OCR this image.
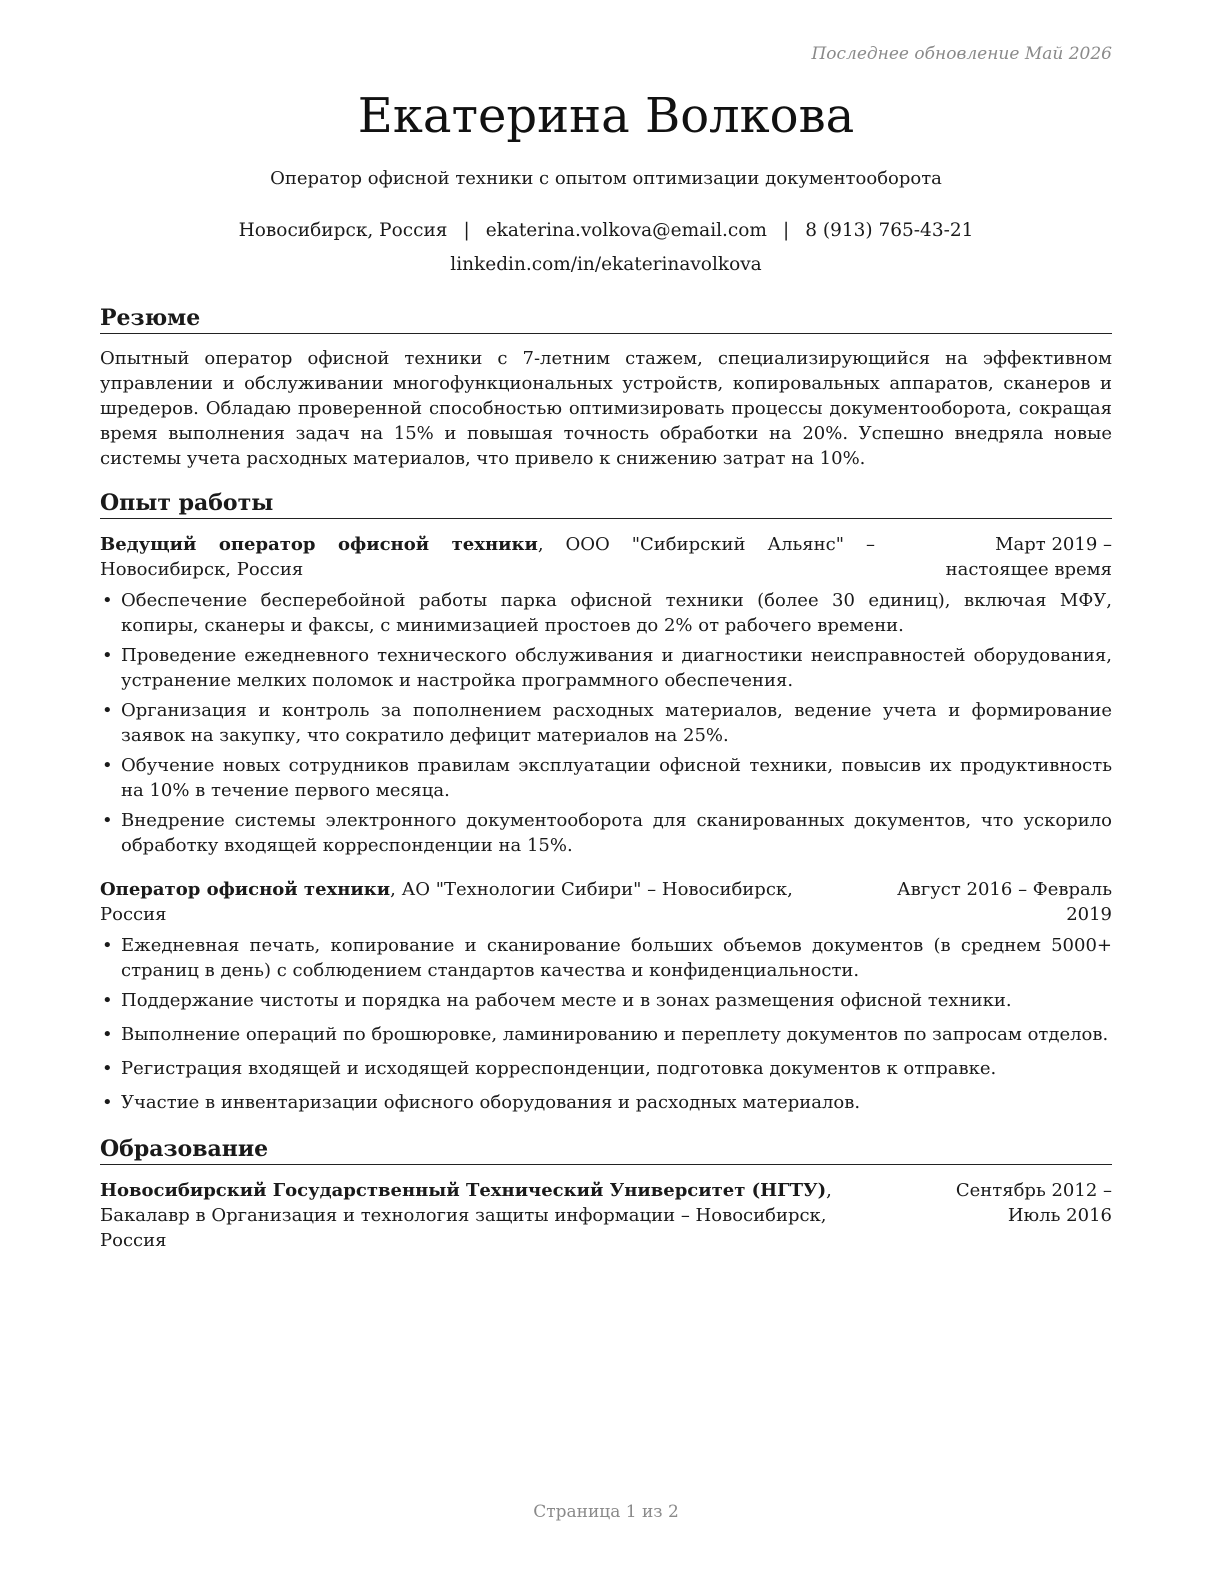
Последнее обновление Май 2026
Екатерина Волкова
Оператор офисной техники с опытом оптимизации документооборота
Новосибирск, Россия | ekaterina.volkova@email.com | 8 (913) 765-43-21
linkedin.com/in/ekaterinavolkova
Резюме
Опытный оператор офисной техники с 7-летним стажем, специализирующийся на эффективном управлении и обслуживании многофункциональных устройств, копировальных аппаратов, сканеров и шредеров. Обладаю проверенной способностью оптимизировать процессы документооборота, сокращая время выполнения задач на 15% и повышая точность обработки на 20%. Успешно внедряла новые системы учета расходных материалов, что привело к снижению затрат на 10%.
Опыт работы
Ведущий оператор офисной техники, ООО "Сибирский Альянс" – Новосибирск, Россия
Март 2019 – настоящее время
• Обеспечение бесперебойной работы парка офисной техники (более 30 единиц), включая МФУ, копиры, сканеры и факсы, с минимизацией простоев до 2% от рабочего времени.
• Проведение ежедневного технического обслуживания и диагностики неисправностей оборудования, устранение мелких поломок и настройка программного обеспечения.
• Организация и контроль за пополнением расходных материалов, ведение учета и формирование заявок на закупку, что сократило дефицит материалов на 25%.
• Обучение новых сотрудников правилам эксплуатации офисной техники, повысив их продуктивность на 10% в течение первого месяца.
• Внедрение системы электронного документооборота для сканированных документов, что ускорило обработку входящей корреспонденции на 15%.
Оператор офисной техники, АО "Технологии Сибири" – Новосибирск, Россия
Август 2016 – Февраль 2019
• Ежедневная печать, копирование и сканирование больших объемов документов (в среднем 5000+ страниц в день) с соблюдением стандартов качества и конфиденциальности.
• Поддержание чистоты и порядка на рабочем месте и в зонах размещения офисной техники.
• Выполнение операций по брошюровке, ламинированию и переплету документов по запросам отделов.
• Регистрация входящей и исходящей корреспонденции, подготовка документов к отправке.
• Участие в инвентаризации офисного оборудования и расходных материалов.
Образование
Новосибирский Государственный Технический Университет (НГТУ), Бакалавр в Организация и технология защиты информации – Новосибирск, Россия
Сентябрь 2012 – Июль 2016
Страница 1 из 2
